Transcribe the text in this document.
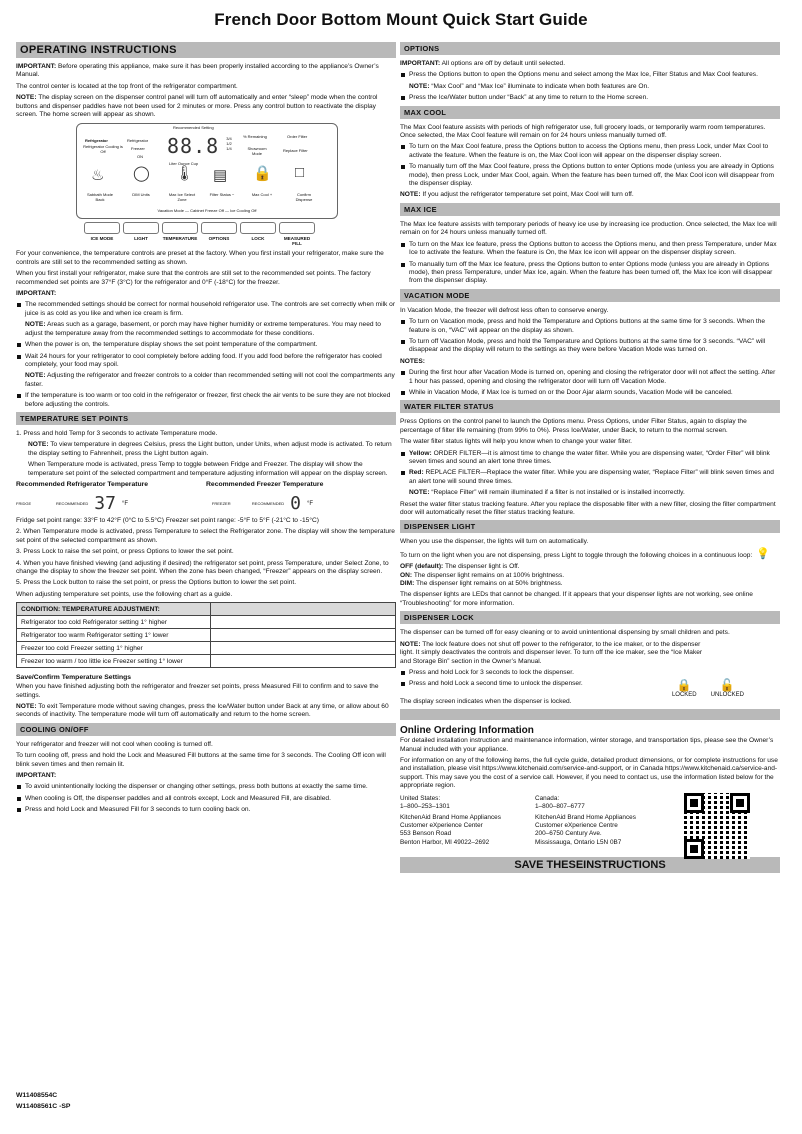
French Door Bottom Mount Quick Start Guide
OPERATING INSTRUCTIONS

IMPORTANT: Before operating this appliance, make sure it has been properly installed according to the appliance’s Owner’s Manual.

The control center is located at the top front of the refrigerator compartment.

NOTE: The display screen on the dispenser control panel will turn off automatically and enter “sleep” mode when the control buttons and dispenser paddles have not been used for 2 minutes or more. Press any control button to reactivate the display screen. The home screen will appear as shown.

Recommended Setting
Refrigerator
Refrigerator Cooling is Off
Refrigerator
Freezer
ON 88.8	3/4 1/2 1/4
Liter Ounce Cup
% Remaining	Order Filter
Showroom Mode
Replace Filter
♨ ◯ 🌡 ▤ 🔒 □
Sabbath Mode Back
DIM Units	Max Ice Select Zone
Filter Status −	Max Cool +	Confirm Dispense
Vacation Mode — Cabinet Freeze Off — Ice Cooling Off
ICE MODE	LIGHT	TEMPERATURE	OPTIONS	LOCK	MEASURED FILL

For your convenience, the temperature controls are preset at the factory. When you first install your refrigerator, make sure the controls are still set to the recommended setting as shown.

When you first install your refrigerator, make sure that the controls are still set to the recommended set points. The factory recommended set points are 37°F (3°C) for the refrigerator and 0°F (-18°C) for the freezer.

IMPORTANT:

The recommended settings should be correct for normal household refrigerator use. The controls are set correctly when milk or juice is as cold as you like and when ice cream is firm.

NOTE: Areas such as a garage, basement, or porch may have higher humidity or extreme temperatures. You may need to adjust the temperature away from the recommended settings to accommodate for these conditions.

When the power is on, the temperature display shows the set point temperature of the compartment.
Wait 24 hours for your refrigerator to cool completely before adding food. If you add food before the refrigerator has cooled completely, your food may spoil.

NOTE: Adjusting the refrigerator and freezer controls to a colder than recommended setting will not cool the compartments any faster.

If the temperature is too warm or too cold in the refrigerator or freezer, first check the air vents to be sure they are not blocked before adjusting the controls.
TEMPERATURE SET POINTS

1. Press and hold Temp for 3 seconds to activate Temperature mode.

NOTE: To view temperature in degrees Celsius, press the Light button, under Units, when adjust mode is activated. To return the display setting to Fahrenheit, press the Light button again.

When Temperature mode is activated, press Temp to toggle between Fridge and Freezer. The display will show the temperature set point of the selected compartment and temperature adjusting information will appear on the display screen.

Recommended Refrigerator Temperature	Recommended Freezer Temperature
FRIDGE	RECOMMENDED 37 °F	FREEZER	RECOMMENDED 0 °F

Fridge set point range: 33°F to 42°F (0°C to 5.5°C) Freezer set point range: -5°F to 5°F (-21°C to -15°C)

2. When Temperature mode is activated, press Temperature to select the Refrigerator zone. The display will show the temperature set point of the selected compartment as shown.

3. Press Lock to raise the set point, or press Options to lower the set point.

4. When you have finished viewing (and adjusting if desired) the refrigerator set point, press Temperature, under Select Zone, to change the display to show the freezer set point. When the zone has been changed, “Freezer” appears on the display screen.

5. Press the Lock button to raise the set point, or press the Options button to lower the set point.

When adjusting temperature set points, use the following chart as a guide.

CONDITION: TEMPERATURE ADJUSTMENT:	
Refrigerator too cold Refrigerator setting 1° higher	
Refrigerator too warm Refrigerator setting 1° lower	
Freezer too cold Freezer setting 1° higher	
Freezer too warm / too little ice Freezer setting 1° lower	
Save/Confirm Temperature Settings

When you have finished adjusting both the refrigerator and freezer set points, press Measured Fill to confirm and to save the settings.

NOTE: To exit Temperature mode without saving changes, press the Ice/Water button under Back at any time, or allow about 60 seconds of inactivity. The temperature mode will turn off automatically and return to the home screen.

COOLING ON/OFF

Your refrigerator and freezer will not cool when cooling is turned off.

To turn cooling off, press and hold the Lock and Measured Fill buttons at the same time for 3 seconds. The Cooling Off icon will blink seven times and then remain lit.

IMPORTANT:

To avoid unintentionally locking the dispenser or changing other settings, press both buttons at exactly the same time.
When cooling is Off, the dispenser paddles and all controls except, Lock and Measured Fill, are disabled.
Press and hold Lock and Measured Fill for 3 seconds to turn cooling back on.
OPTIONS

IMPORTANT: All options are off by default until selected.

Press the Options button to open the Options menu and select among the Max Ice, Filter Status and Max Cool features.

NOTE: “Max Cool” and “Max Ice” illuminate to indicate when both features are On.

Press the Ice/Water button under “Back” at any time to return to the Home screen.
MAX COOL

The Max Cool feature assists with periods of high refrigerator use, full grocery loads, or temporarily warm room temperatures. Once selected, the Max Cool feature will remain on for 24 hours unless manually turned off.

To turn on the Max Cool feature, press the Options button to access the Options menu, then press Lock, under Max Cool to activate the feature. When the feature is on, the Max Cool icon will appear on the dispenser display screen.
To manually turn off the Max Cool feature, press the Options button to enter Options mode (unless you are already in Options mode), then press Lock, under Max Cool, again. When the feature has been turned off, the Max Cool icon will disappear from the dispenser display.

NOTE: If you adjust the refrigerator temperature set point, Max Cool will turn off.

MAX ICE

The Max Ice feature assists with temporary periods of heavy ice use by increasing ice production. Once selected, the Max Ice will remain on for 24 hours unless manually turned off.

To turn on the Max Ice feature, press the Options button to access the Options menu, and then press Temperature, under Max Ice to activate the feature. When the feature is On, the Max Ice icon will appear on the dispenser display screen.
To manually turn off the Max Ice feature, press the Options button to enter Options mode (unless you are already in Options mode), then press Temperature, under Max Ice, again. When the feature has been turned off, the Max Ice icon will disappear from the dispenser display.
VACATION MODE

In Vacation Mode, the freezer will defrost less often to conserve energy.

To turn on Vacation mode, press and hold the Temperature and Options buttons at the same time for 3 seconds. When the feature is on, “VAC” will appear on the display as shown.
To turn off Vacation Mode, press and hold the Temperature and Options buttons at the same time for 3 seconds. “VAC” will disappear and the display will return to the settings as they were before Vacation Mode was turned on.

NOTES:

During the first hour after Vacation Mode is turned on, opening and closing the refrigerator door will not affect the setting. After 1 hour has passed, opening and closing the refrigerator door will turn off Vacation Mode.
While in Vacation Mode, if Max Ice is turned on or the Door Ajar alarm sounds, Vacation Mode will be canceled.
WATER FILTER STATUS

Press Options on the control panel to launch the Options menu. Press Options, under Filter Status, again to display the percentage of filter life remaining (from 99% to 0%). Press Ice/Water, under Back, to return to the normal screen.

The water filter status lights will help you know when to change your water filter.

Yellow: ORDER FILTER—it is almost time to change the water filter. While you are dispensing water, “Order Filter” will blink seven times and sound an alert tone three times.
Red: REPLACE FILTER—Replace the water filter. While you are dispensing water, “Replace Filter” will blink seven times and an alert tone will sound three times.

NOTE: “Replace Filter” will remain illuminated if a filter is not installed or is installed incorrectly.

Reset the water filter status tracking feature. After you replace the disposable filter with a new filter, closing the filter compartment door will automatically reset the filter status tracking feature.

DISPENSER LIGHT

When you use the dispenser, the lights will turn on automatically.

To turn on the light when you are not dispensing, press Light to toggle through the following choices in a continuous loop: 💡

OFF (default): The dispenser light is Off.

ON: The dispenser light remains on at 100% brightness.

DIM: The dispenser light remains on at 50% brightness.

The dispenser lights are LEDs that cannot be changed. If it appears that your dispenser lights are not working, see online “Troubleshooting” for more information.

DISPENSER LOCK

The dispenser can be turned off for easy cleaning or to avoid unintentional dispensing by small children and pets.

NOTE: The lock feature does not shut off power to the refrigerator, to the ice maker, or to the dispenser light. It simply deactivates the controls and dispenser lever. To turn off the ice maker, see the “Ice Maker and Storage Bin” section in the Owner’s Manual.

Press and hold Lock for 3 seconds to lock the dispenser.
Press and hold Lock a second time to unlock the dispenser.	🔒
LOCKED
🔓
UNLOCKED

The display screen indicates when the dispenser is locked.

Online Ordering Information

For detailed installation instruction and maintenance information, winter storage, and transportation tips, please see the Owner’s Manual included with your appliance.

For information on any of the following items, the full cycle guide, detailed product dimensions, or for complete instructions for use and installation, please visit https://www.kitchenaid.com/service-and-support, or in Canada https://www.kitchenaid.ca/service-and-support. This may save you the cost of a service call. However, if you need to contact us, use the information listed below for the appropriate region.

United States:
1–800–253–1301
KitchenAid Brand Home Appliances
Customer eXperience Center
553 Benson Road
Benton Harbor, MI 49022–2692
Canada:
1–800–807–6777
KitchenAid Brand Home Appliances
Customer eXperience Centre
200–6750 Century Ave.
Mississauga, Ontario L5N 0B7
SAVE THESEINSTRUCTIONS
W11408554C
W11408561C -SP
